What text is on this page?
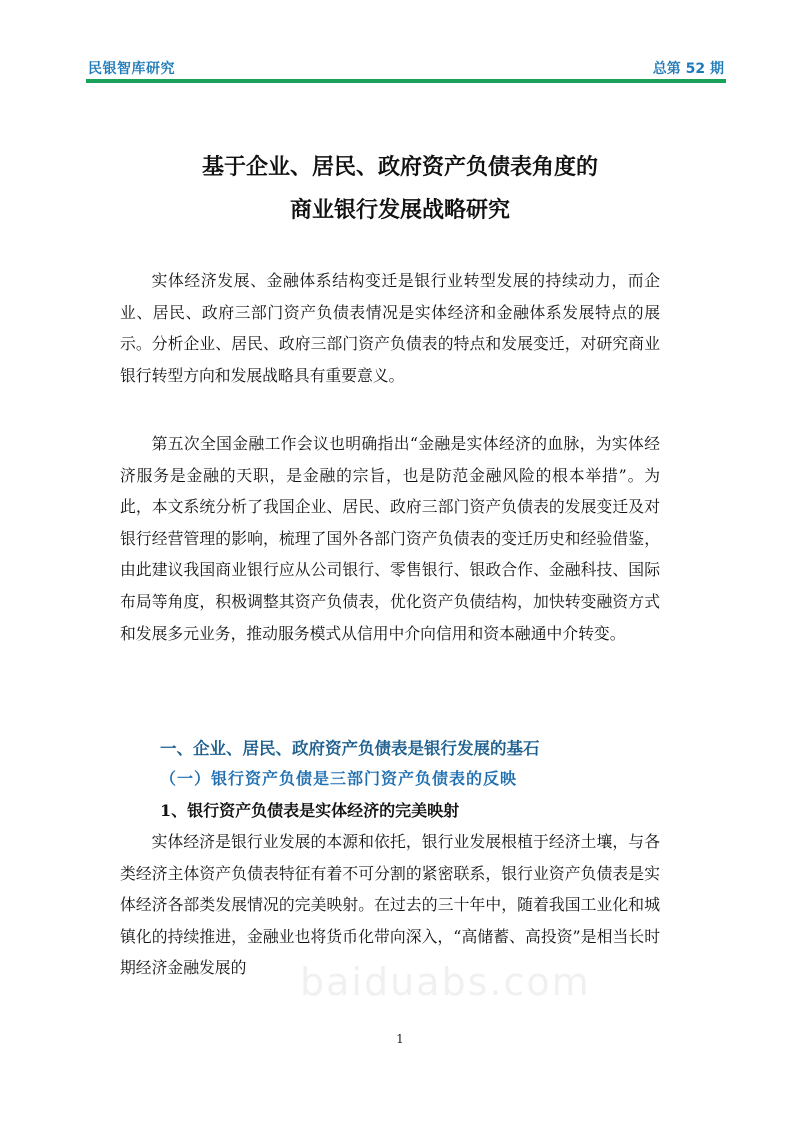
民银智库研究	总第 52 期
基于企业、居民、政府资产负债表角度的
商业银行发展战略研究
实体经济发展、金融体系结构变迁是银行业转型发展的持续动力，而企业、居民、政府三部门资产负债表情况是实体经济和金融体系发展特点的展示。分析企业、居民、政府三部门资产负债表的特点和发展变迁，对研究商业银行转型方向和发展战略具有重要意义。
第五次全国金融工作会议也明确指出“金融是实体经济的血脉，为实体经济服务是金融的天职，是金融的宗旨，也是防范金融风险的根本举措”。为此，本文系统分析了我国企业、居民、政府三部门资产负债表的发展变迁及对银行经营管理的影响，梳理了国外各部门资产负债表的变迁历史和经验借鉴，由此建议我国商业银行应从公司银行、零售银行、银政合作、金融科技、国际布局等角度，积极调整其资产负债表，优化资产负债结构，加快转变融资方式和发展多元业务，推动服务模式从信用中介向信用和资本融通中介转变。
一、企业、居民、政府资产负债表是银行发展的基石
（一）银行资产负债是三部门资产负债表的反映
1、银行资产负债表是实体经济的完美映射
实体经济是银行业发展的本源和依托，银行业发展根植于经济土壤，与各类经济主体资产负债表特征有着不可分割的紧密联系，银行业资产负债表是实体经济各部类发展情况的完美映射。在过去的三十年中，随着我国工业化和城镇化的持续推进，金融业也将货币化带向深入，“高储蓄、高投资”是相当长时期经济金融发展的	baiduabs.com
1
